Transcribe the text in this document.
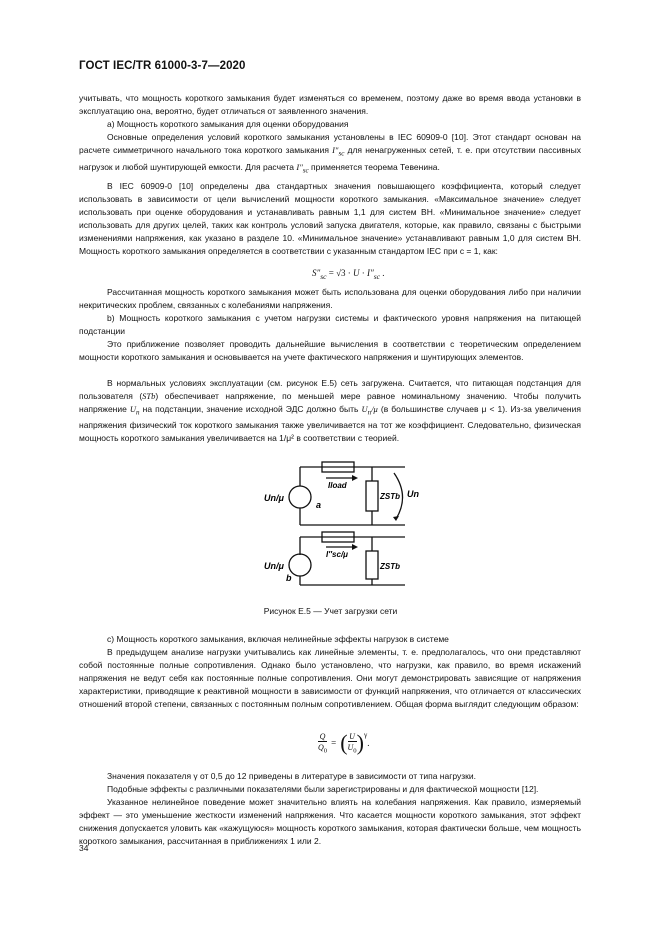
ГОСТ IEC/TR 61000-3-7—2020
учитывать, что мощность короткого замыкания будет изменяться со временем, поэтому даже во время ввода установки в эксплуатацию она, вероятно, будет отличаться от заявленного значения.
a) Мощность короткого замыкания для оценки оборудования
Основные определения условий короткого замыкания установлены в IEC 60909-0 [10]. Этот стандарт основан на расчете симметричного начального тока короткого замыкания $I''_{sc}$ для ненагруженных сетей, т. е. при отсутствии пассивных нагрузок и любой шунтирующей емкости. Для расчета $I''_{sc}$ применяется теорема Тевенина.
В IEC 60909-0 [10] определены два стандартных значения повышающего коэффициента, который следует использовать в зависимости от цели вычислений мощности короткого замыкания. «Максимальное значение» следует использовать при оценке оборудования и устанавливать равным 1,1 для систем ВН. «Минимальное значение» следует использовать для других целей, таких как контроль условий запуска двигателя, которые, как правило, связаны с быстрыми изменениями напряжения, как указано в разделе 10. «Минимальное значение» устанавливают равным 1,0 для систем ВН. Мощность короткого замыкания определяется в соответствии с указанным стандартом IEC при c = 1, как:
$S''_{sc} = √3 \cdot U \cdot I''_{sc}$ .
Рассчитанная мощность короткого замыкания может быть использована для оценки оборудования либо при наличии некритических проблем, связанных с колебаниями напряжения.
b) Мощность короткого замыкания с учетом нагрузки системы и фактического уровня напряжения на питающей подстанции
Это приближение позволяет проводить дальнейшие вычисления в соответствии с теоретическим определением мощности короткого замыкания и основывается на учете фактического напряжения и шунтирующих элементов.
В нормальных условиях эксплуатации (см. рисунок Е.5) сеть загружена. Считается, что питающая подстанция для пользователя (STb) обеспечивает напряжение, по меньшей мере равное номинальному значению. Чтобы получить напряжение $U_n$ на подстанции, значение исходной ЭДС должно быть $U_n/\mu$ (в большинстве случаев μ < 1). Из-за увеличения напряжения физический ток короткого замыкания также увеличивается на тот же коэффициент. Следовательно, физическая мощность короткого замыкания увеличивается на 1/μ² в соответствии с теорией.
Un/μ
Iload
ZSTb Un
a
Un/μ
I″sc/μ
ZSTb
b
Рисунок Е.5 — Учет загрузки сети
c) Мощность короткого замыкания, включая нелинейные эффекты нагрузок в системе
В предыдущем анализе нагрузки учитывались как линейные элементы, т. е. предполагалось, что они представляют собой постоянные полные сопротивления. Однако было установлено, что нагрузки, как правило, во время искажений напряжения не ведут себя как постоянные полные сопротивления. Они могут демонстрировать зависящие от напряжения характеристики, приводящие к реактивной мощности в зависимости от функций напряжения, что отличается от классических отношений второй степени, связанных с постоянным полным сопротивлением. Общая форма выглядит следующим образом:
$\frac{Q}{Q_0}$ = ( U
$U_0$ )$^\gamma$
.
Значения показателя γ от 0,5 до 12 приведены в литературе в зависимости от типа нагрузки.
Подобные эффекты с различными показателями были зарегистрированы и для фактической мощности [12].
Указанное нелинейное поведение может значительно влиять на колебания напряжения. Как правило, измеряемый эффект — это уменьшение жесткости изменений напряжения. Что касается мощности короткого замыкания, этот эффект снижения допускается уловить как «кажущуюся» мощность короткого замыкания, которая фактически больше, чем мощность короткого замыкания, рассчитанная в приближениях 1 или 2.
34
